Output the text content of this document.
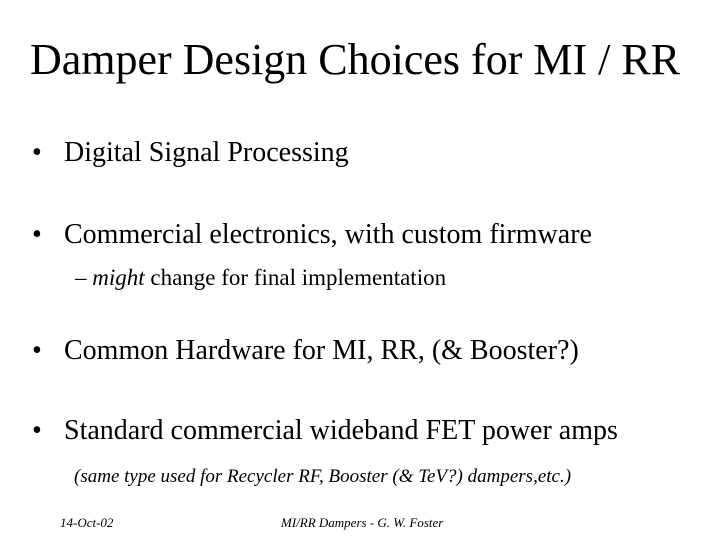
Damper Design Choices for MI / RR
• Digital Signal Processing
• Commercial electronics, with custom firmware
– might change for final implementation
• Common Hardware for MI, RR, (& Booster?)
• Standard commercial wideband FET power amps
(same type used for Recycler RF, Booster (& TeV?) dampers,etc.)
14-Oct-02	MI/RR Dampers - G. W. Foster
